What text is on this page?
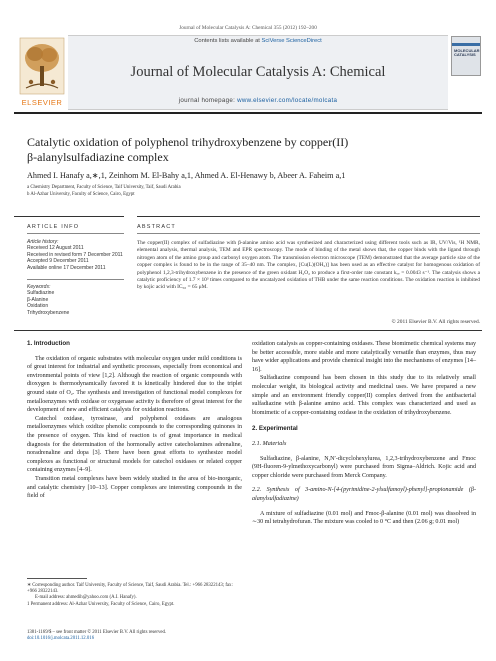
Journal of Molecular Catalysis A: Chemical 355 (2012) 192–200
Contents lists available at SciVerse ScienceDirect
ELSEVIER
MOLECULAR
CATALYSIS
Journal of Molecular Catalysis A: Chemical
journal homepage: www.elsevier.com/locate/molcata
Catalytic oxidation of polyphenol trihydroxybenzene by copper(II)
β-alanylsulfadiazine complex
Ahmed I. Hanafy a,∗,1, Zeinhom M. El-Bahy a,1, Ahmed A. El-Henawy b, Abeer A. Faheim a,1
a Chemistry Department, Faculty of Science, Taif University, Taif, Saudi Arabia
b Al-Azhar University, Faculty of Science, Cairo, Egypt
ARTICLE INFO	ABSTRACT
Article history:
Received 12 August 2011
Received in revised form 7 December 2011
Accepted 9 December 2011
Available online 17 December 2011
Keywords:
Sulfadiazine
β-Alanine
Oxidation
Trihydroxybenzene
The copper(II) complex of sulfadiazine with β-alanine amino acid was synthesized and characterized using different tools such as IR, UV/Vis, ¹H NMR, elemental analysis, thermal analysis, TEM and EPR spectroscopy. The mode of binding of the metal shows that, the copper binds with the ligand through nitrogen atom of the amino group and carbonyl oxygen atom. The transmission electron microscope (TEM) demonstrated that the average particle size of the copper complex is found to be in the range of 35–40 nm. The complex, [Cu(L)(OH₂)] has been used as an effective catalyst for homogenous oxidation of polyphenol 1,2,3-trihydroxybenzene in the presence of the green oxidant H₂O₂ to produce a first-order rate constant kₒₑ = 0.0043 s⁻¹. The catalysis shows a catalytic proficiency of 1.7 × 10³ times compared to the uncatalyzed oxidation of THB under the same reaction conditions. The oxidation reaction is inhibited by kojic acid with IC₅₀ = 65 μM.
© 2011 Elsevier B.V. All rights reserved.
1. Introduction

The oxidation of organic substrates with molecular oxygen under mild conditions is of great interest for industrial and synthetic processes, especially from economical and environmental points of view [1,2]. Although the reaction of organic compounds with dioxygen is thermodynamically favored it is kinetically hindered due to the triplet ground state of O₂. The synthesis and investigation of functional model complexes for metalloenzymes with oxidase or oxygenase activity is therefore of great interest for the development of new and efficient catalysts for oxidation reactions.

Catechol oxidase, tyrosinase, and polyphenol oxidases are analogous metalloenzymes which oxidize phenolic compounds to the corresponding quinones in the presence of oxygen. This kind of reaction is of great importance in medical diagnosis for the determination of the hormonally active catecholamines adrenaline, noradrenaline and dopa [3]. There have been great efforts to synthesize model complexes as functional or structural models for catechol oxidases or related copper containing enzymes [4–9].

Transition metal complexes have been widely studied in the area of bio-inorganic, and catalytic chemistry [10–13]. Copper complexes are interesting compounds in the field of

∗ Corresponding author. Taif University, Faculty of Science, Taif, Saudi Arabia. Tel.: +966 28322143; fax: +966 28322143.
E-mail address: ahmedih@yahoo.com (A.I. Hanafy).
1 Permanent address: Al-Azhar University, Faculty of Science, Cairo, Egypt.
1381-1169/$ – see front matter © 2011 Elsevier B.V. All rights reserved.
doi:10.1016/j.molcata.2011.12.016

oxidation catalysis as copper-containing oxidases. These biomimetic chemical systems may be better accessible, more stable and more catalytically versatile than enzymes, thus may have wider applications and provide chemical insight into the mechanisms of enzymes [14–16].

Sulfadiazine compound has been chosen in this study due to its relatively small molecular weight, its biological activity and medicinal uses. We have prepared a new simple and an environment friendly copper(II) complex derived from the antibacterial sulfadiazine with β-alanine amino acid. This complex was characterized and used as biomimetic of a copper-containing oxidase in the oxidation of trihydroxybenzene.

2. Experimental
2.1. Materials

Sulfadiazine, β-alanine, N,N′-dicyclohexylurea, 1,2,3-trihydroxybenzene and Fmoc (9H-fluoren-9-ylmethoxycarbonyl) were purchased from Sigma–Aldrich. Kojic acid and copper chloride were purchased from Merck Company.

2.2. Synthesis of 3-amino-N-[4-(pyrimidine-2-ylsulfamoyl)-phenyl]-propionamide (β-alanylsulfadiazine)

A mixture of sulfadiazine (0.01 mol) and Fmoc-β-alanine (0.01 mol) was dissolved in ∼30 ml tetrahydrofuran. The mixture was cooled to 0 °C and then (2.06 g; 0.01 mol)
